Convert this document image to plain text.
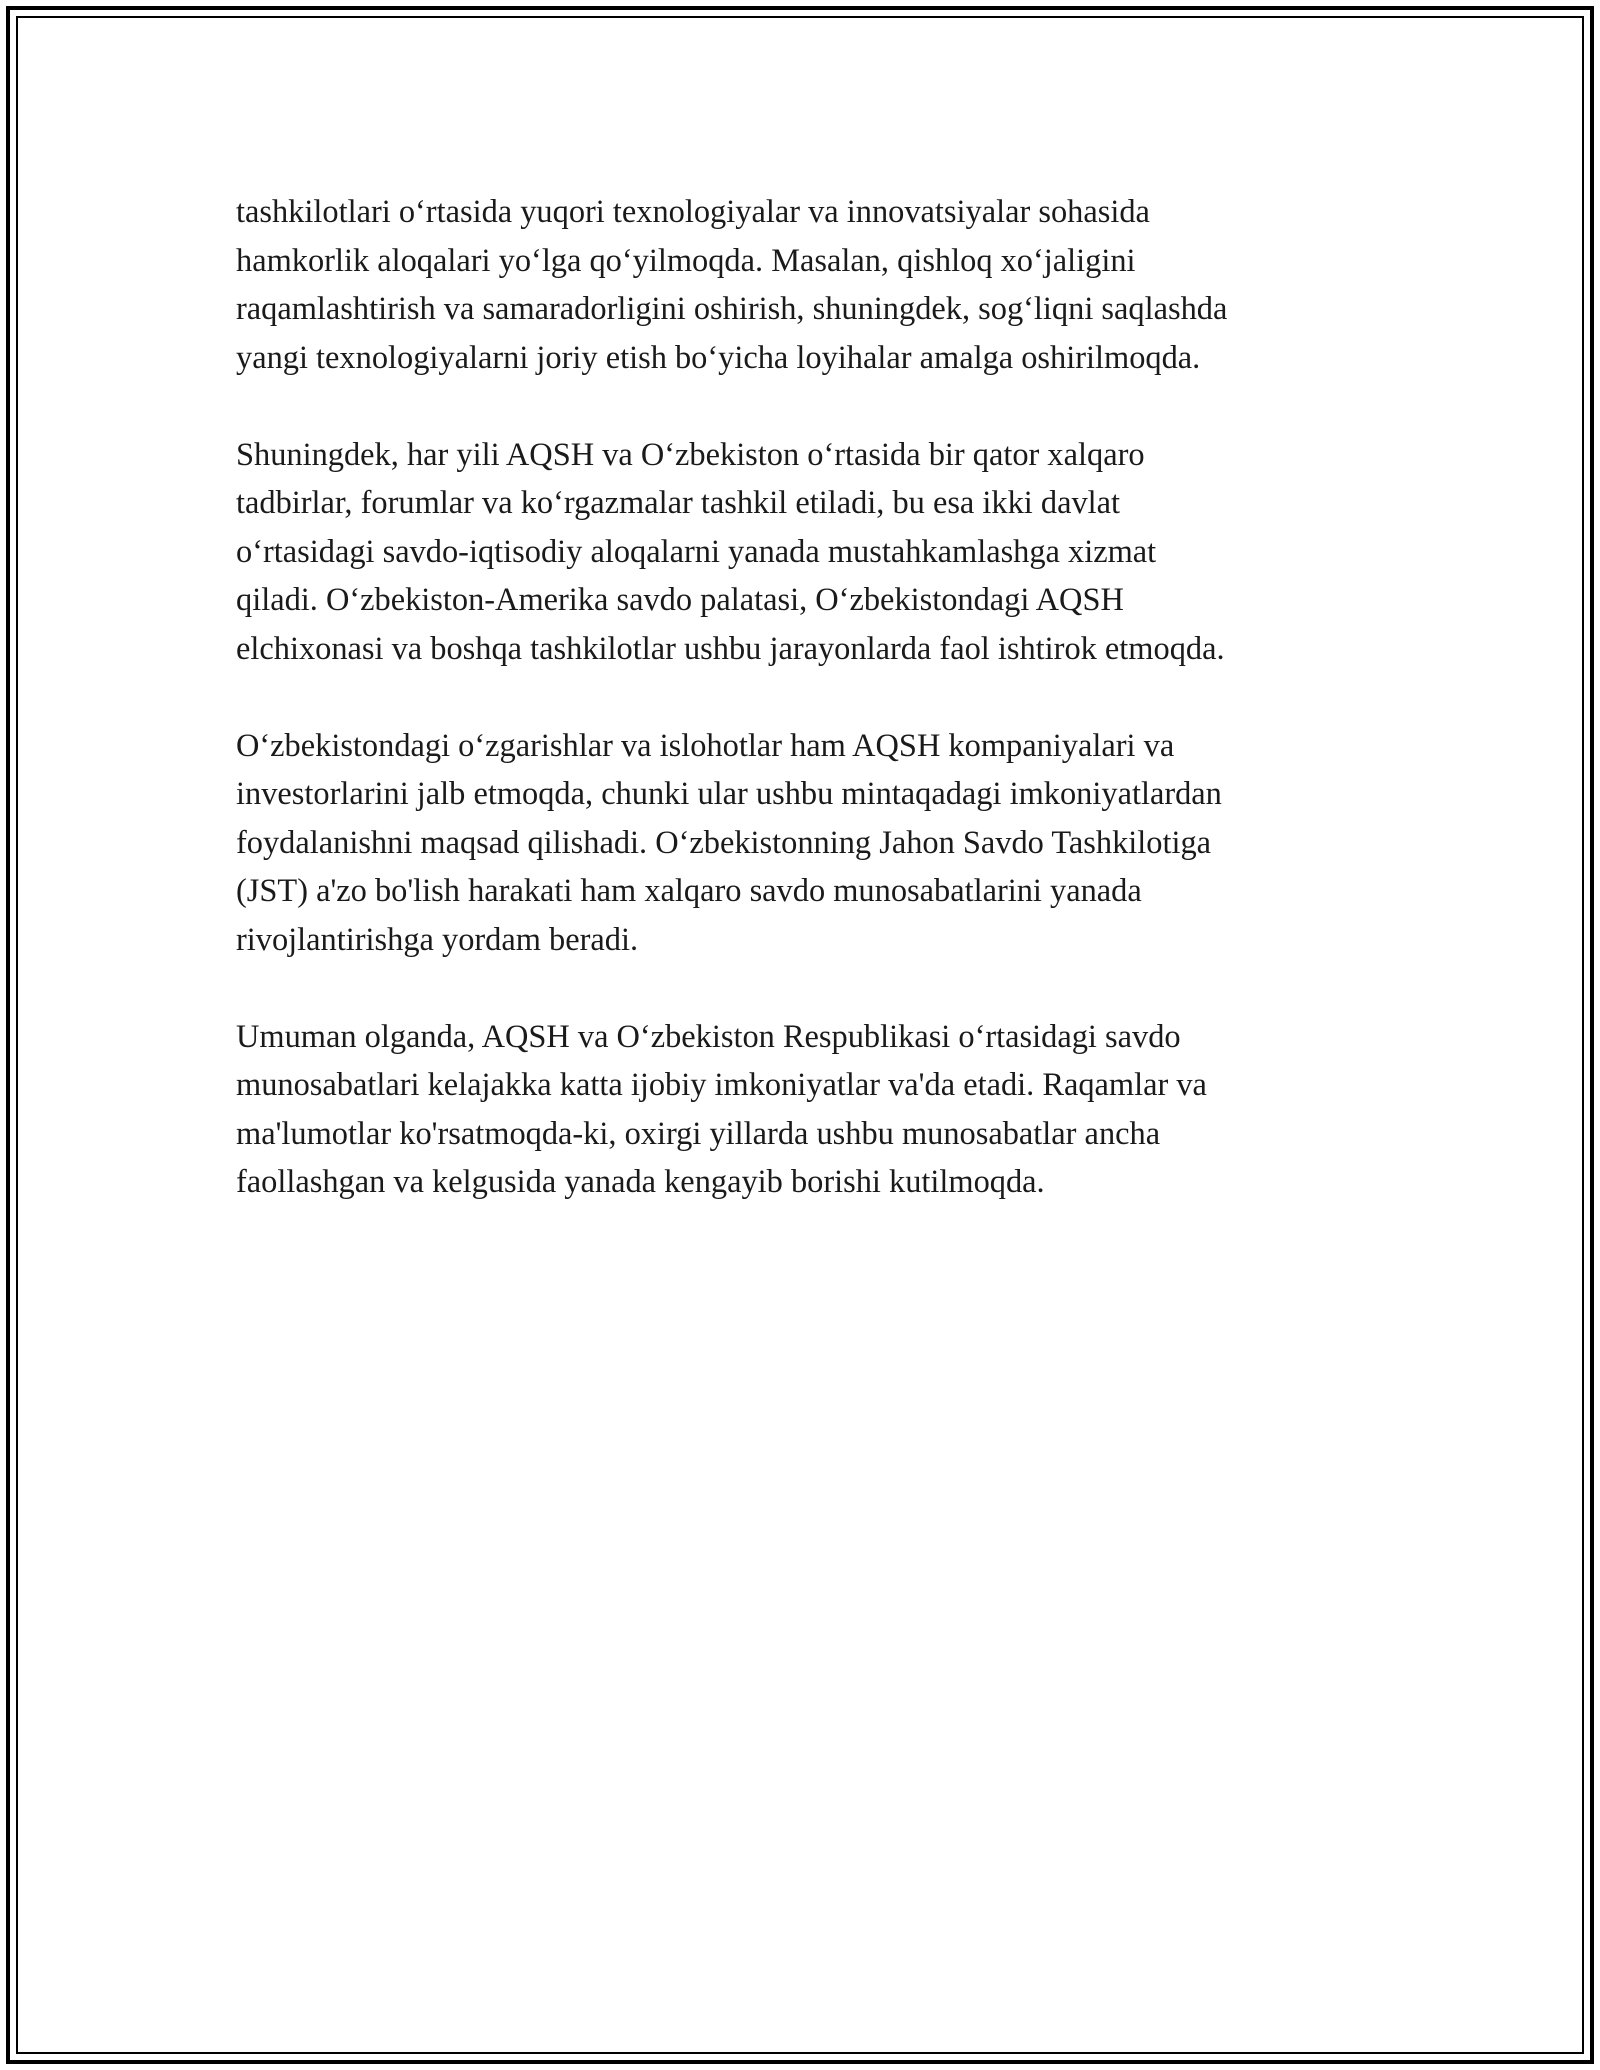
tashkilotlari o‘rtasida yuqori texnologiyalar va innovatsiyalar sohasida
hamkorlik aloqalari yo‘lga qo‘yilmoqda. Masalan, qishloq xo‘jaligini
raqamlashtirish va samaradorligini oshirish, shuningdek, sog‘liqni saqlashda
yangi texnologiyalarni joriy etish bo‘yicha loyihalar amalga oshirilmoqda.

Shuningdek, har yili AQSH va O‘zbekiston o‘rtasida bir qator xalqaro
tadbirlar, forumlar va ko‘rgazmalar tashkil etiladi, bu esa ikki davlat
o‘rtasidagi savdo-iqtisodiy aloqalarni yanada mustahkamlashga xizmat
qiladi. O‘zbekiston-Amerika savdo palatasi, O‘zbekistondagi AQSH
elchixonasi va boshqa tashkilotlar ushbu jarayonlarda faol ishtirok etmoqda.

O‘zbekistondagi o‘zgarishlar va islohotlar ham AQSH kompaniyalari va
investorlarini jalb etmoqda, chunki ular ushbu mintaqadagi imkoniyatlardan
foydalanishni maqsad qilishadi. O‘zbekistonning Jahon Savdo Tashkilotiga
(JST) a'zo bo'lish harakati ham xalqaro savdo munosabatlarini yanada
rivojlantirishga yordam beradi.

Umuman olganda, AQSH va O‘zbekiston Respublikasi o‘rtasidagi savdo
munosabatlari kelajakka katta ijobiy imkoniyatlar va'da etadi. Raqamlar va
ma'lumotlar ko'rsatmoqda-ki, oxirgi yillarda ushbu munosabatlar ancha
faollashgan va kelgusida yanada kengayib borishi kutilmoqda.
